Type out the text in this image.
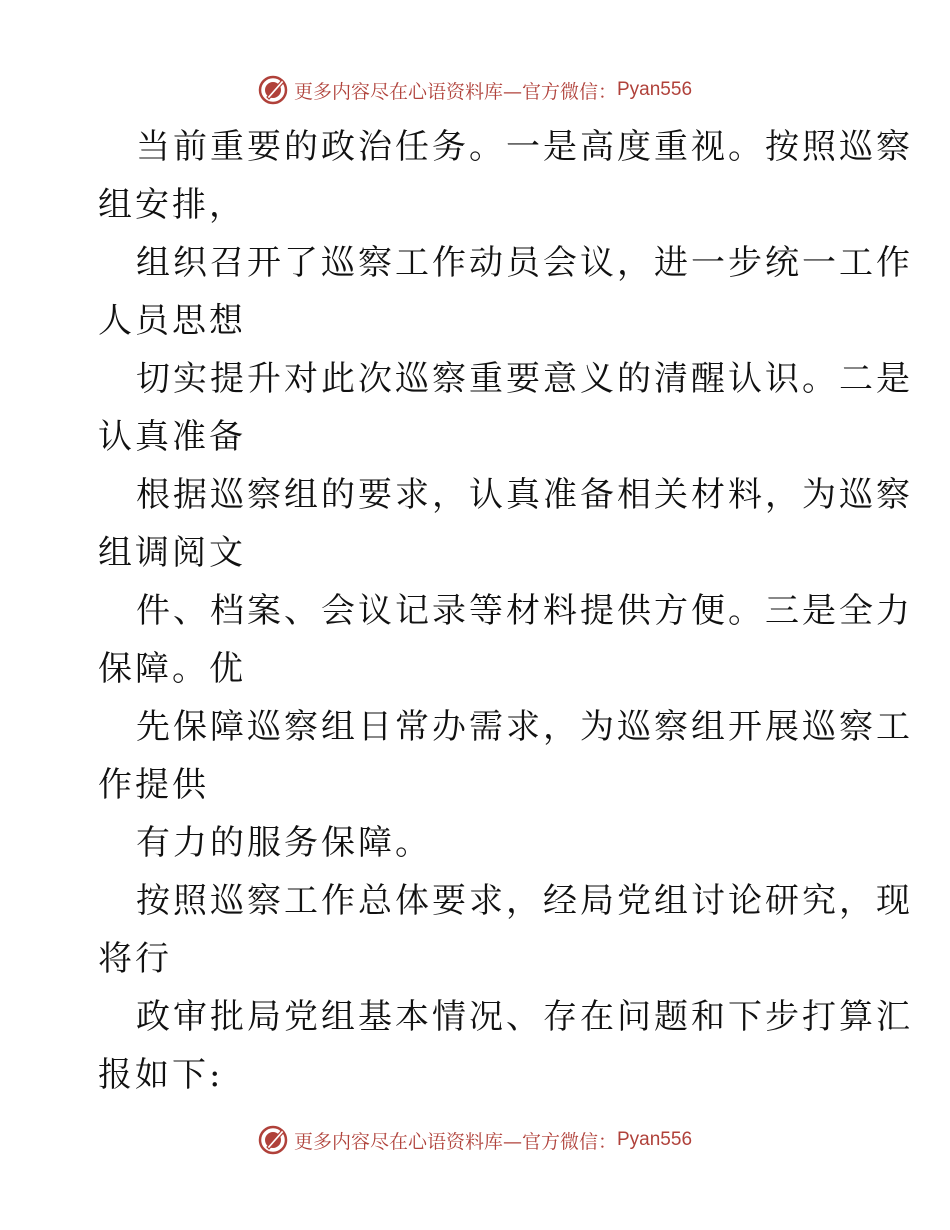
更多内容尽在心语资料库—官方微信： Pyan556
当前重要的政治任务。一是高度重视。按照巡察
组安排，
组织召开了巡察工作动员会议，进一步统一工作
人员思想
切实提升对此次巡察重要意义的清醒认识。二是
认真准备
根据巡察组的要求，认真准备相关材料，为巡察
组调阅文
件、档案、会议记录等材料提供方便。三是全力
保障。优
先保障巡察组日常办需求，为巡察组开展巡察工
作提供
有力的服务保障。
按照巡察工作总体要求，经局党组讨论研究，现
将行
政审批局党组基本情况、存在问题和下步打算汇
报如下:
更多内容尽在心语资料库—官方微信： Pyan556
